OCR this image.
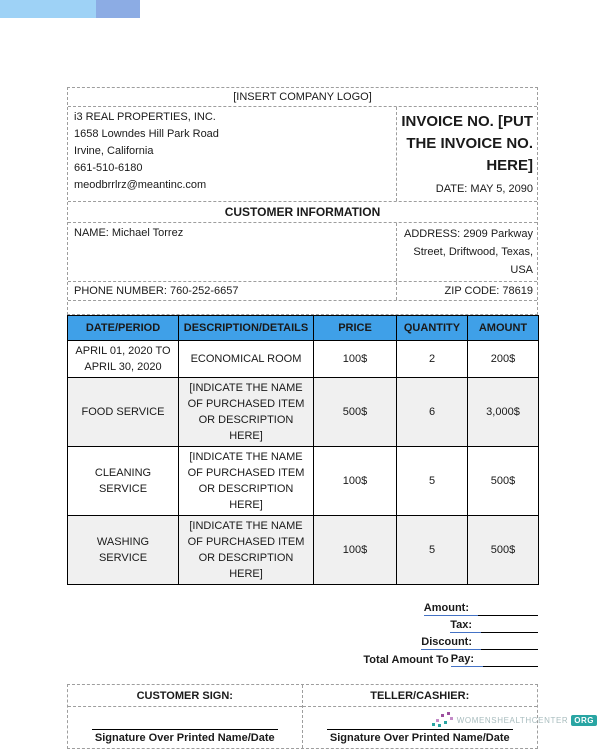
[INSERT COMPANY LOGO]
i3 REAL PROPERTIES, INC.
1658 Lowndes Hill Park Road
Irvine, California
661-510-6180
meodbrrlrz@meantinc.com
INVOICE NO. [PUT THE INVOICE NO. HERE]
DATE: MAY 5, 2090
CUSTOMER INFORMATION
NAME: Michael Torrez	ADDRESS: 2909 Parkway Street, Driftwood, Texas, USA
PHONE NUMBER: 760-252-6657	ZIP CODE: 78619
DATE/PERIOD	DESCRIPTION/DETAILS	PRICE	QUANTITY	AMOUNT
APRIL 01, 2020 TO APRIL 30, 2020	ECONOMICAL ROOM	100$	2	200$
FOOD SERVICE	[INDICATE THE NAME OF PURCHASED ITEM OR DESCRIPTION HERE]	500$	6	3,000$
CLEANING SERVICE	[INDICATE THE NAME OF PURCHASED ITEM OR DESCRIPTION HERE]	100$	5	500$
WASHING SERVICE	[INDICATE THE NAME OF PURCHASED ITEM OR DESCRIPTION HERE]	100$	5	500$
Amount:
Tax:
Discount:
Total Amount To Pay:
CUSTOMER SIGN:
Signature Over Printed Name/Date
TELLER/CASHIER:
Signature Over Printed Name/Date
WOMENSHEALTHCENTER ORG
